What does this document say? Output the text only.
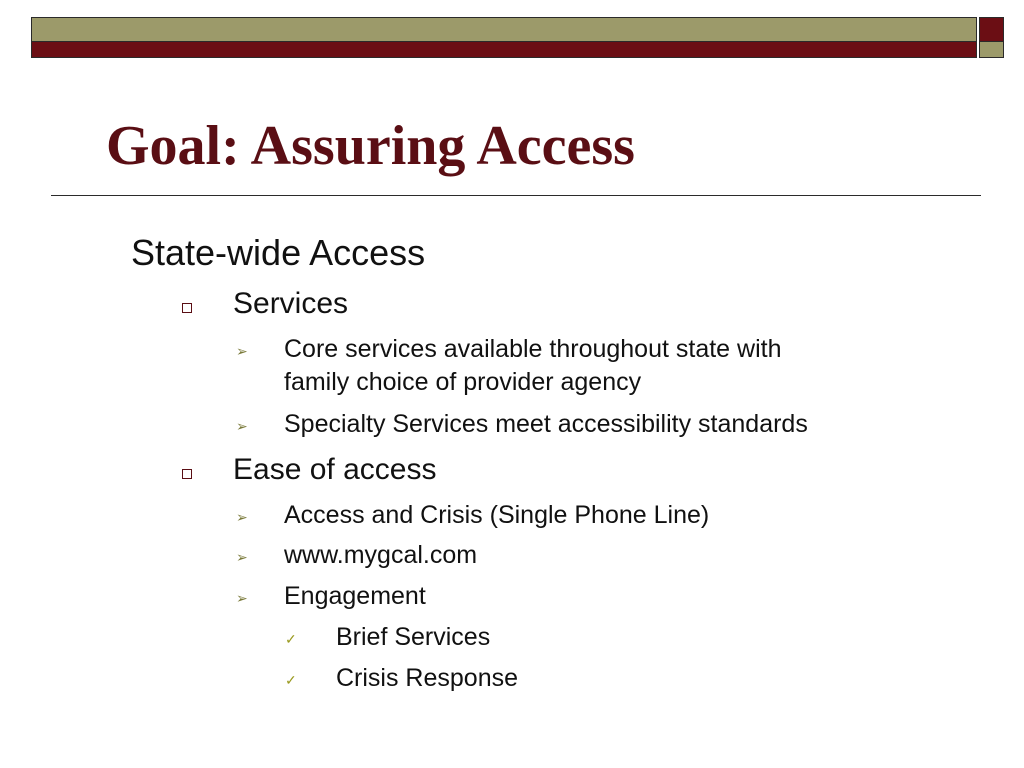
Goal: Assuring Access
State-wide Access
Services
➢ Core services available throughout state with
family choice of provider agency
➢ Specialty Services meet accessibility standards
Ease of access
➢ Access and Crisis (Single Phone Line)
➢ www.mygcal.com
➢ Engagement
✓ Brief Services
✓ Crisis Response
